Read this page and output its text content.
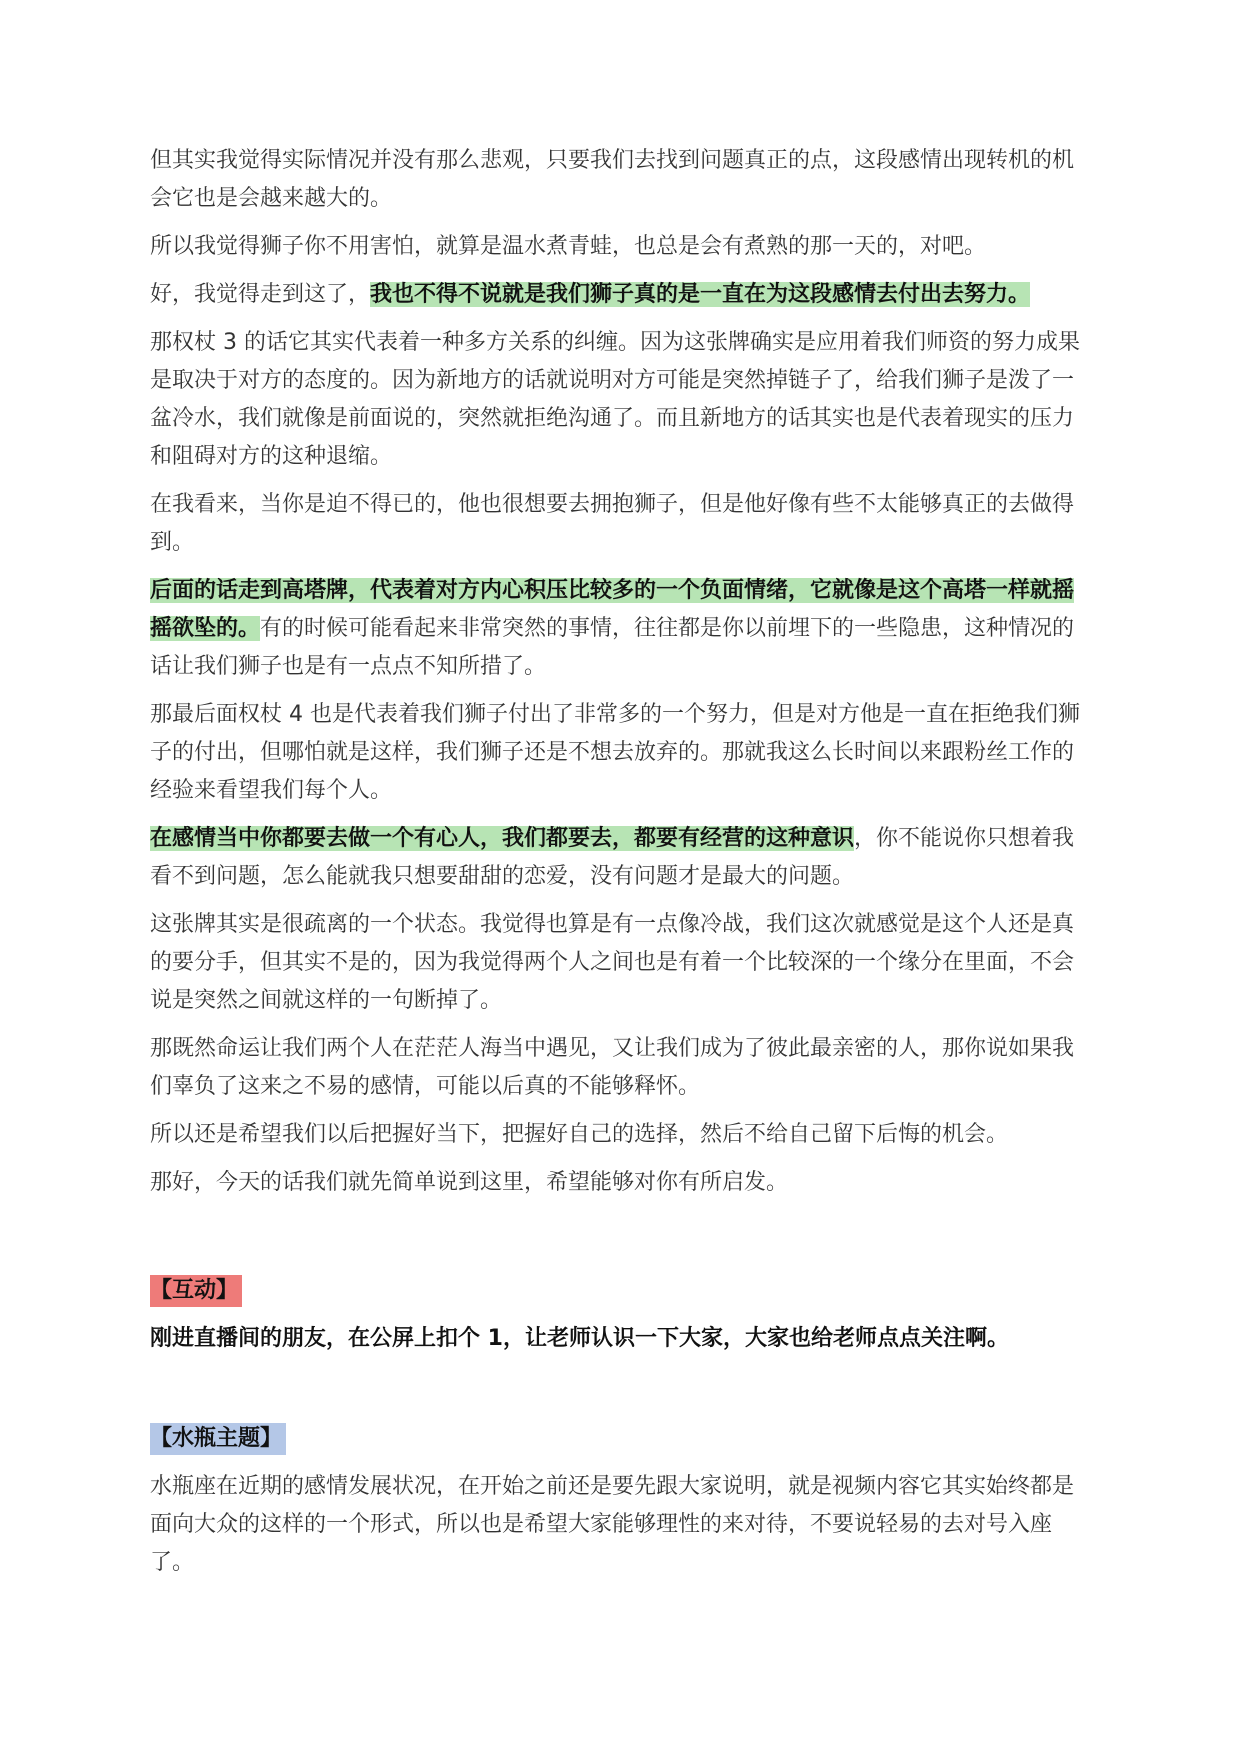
但其实我觉得实际情况并没有那么悲观，只要我们去找到问题真正的点，这段感情出现转机的机会它也是会越来越大的。

所以我觉得狮子你不用害怕，就算是温水煮青蛙，也总是会有煮熟的那一天的，对吧。

好，我觉得走到这了，我也不得不说就是我们狮子真的是一直在为这段感情去付出去努力。

那权杖 3 的话它其实代表着一种多方关系的纠缠。因为这张牌确实是应用着我们师资的努力成果是取决于对方的态度的。因为新地方的话就说明对方可能是突然掉链子了，给我们狮子是泼了一盆冷水，我们就像是前面说的，突然就拒绝沟通了。而且新地方的话其实也是代表着现实的压力和阻碍对方的这种退缩。

在我看来，当你是迫不得已的，他也很想要去拥抱狮子，但是他好像有些不太能够真正的去做得到。

后面的话走到高塔牌，代表着对方内心积压比较多的一个负面情绪，它就像是这个高塔一样就摇摇欲坠的。有的时候可能看起来非常突然的事情，往往都是你以前埋下的一些隐患，这种情况的话让我们狮子也是有一点点不知所措了。

那最后面权杖 4 也是代表着我们狮子付出了非常多的一个努力，但是对方他是一直在拒绝我们狮子的付出，但哪怕就是这样，我们狮子还是不想去放弃的。那就我这么长时间以来跟粉丝工作的经验来看望我们每个人。

在感情当中你都要去做一个有心人，我们都要去，都要有经营的这种意识，你不能说你只想着我看不到问题，怎么能就我只想要甜甜的恋爱，没有问题才是最大的问题。

这张牌其实是很疏离的一个状态。我觉得也算是有一点像冷战，我们这次就感觉是这个人还是真的要分手，但其实不是的，因为我觉得两个人之间也是有着一个比较深的一个缘分在里面，不会说是突然之间就这样的一句断掉了。

那既然命运让我们两个人在茫茫人海当中遇见，又让我们成为了彼此最亲密的人，那你说如果我们辜负了这来之不易的感情，可能以后真的不能够释怀。

所以还是希望我们以后把握好当下，把握好自己的选择，然后不给自己留下后悔的机会。

那好，今天的话我们就先简单说到这里，希望能够对你有所启发。

【互动】

刚进直播间的朋友，在公屏上扣个 1，让老师认识一下大家，大家也给老师点点关注啊。

【水瓶主题】

水瓶座在近期的感情发展状况，在开始之前还是要先跟大家说明，就是视频内容它其实始终都是面向大众的这样的一个形式，所以也是希望大家能够理性的来对待，不要说轻易的去对号入座了。
